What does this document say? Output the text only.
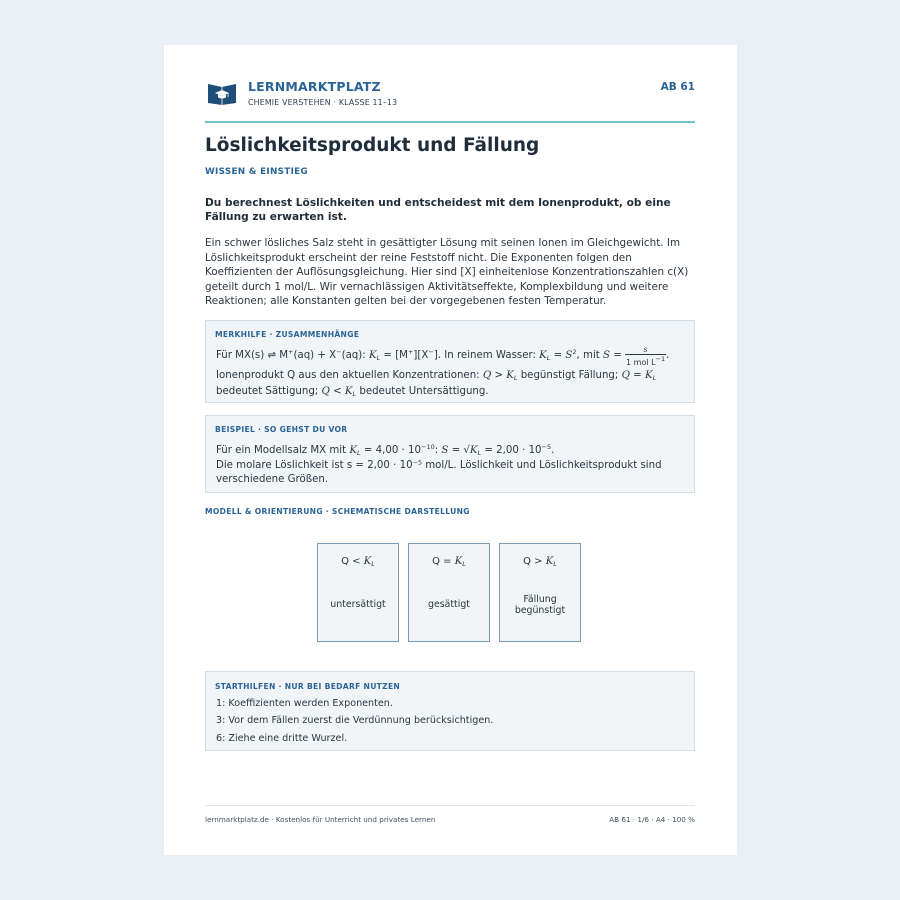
LERNMARKTPLATZ
CHEMIE VERSTEHEN · KLASSE 11–13
AB 61
Löslichkeitsprodukt und Fällung
WISSEN & EINSTIEG
Du berechnest Löslichkeiten und entscheidest mit dem Ionenprodukt, ob eine Fällung zu erwarten ist.
Ein schwer lösliches Salz steht in gesättigter Lösung mit seinen Ionen im Gleichgewicht. Im Löslichkeitsprodukt erscheint der reine Feststoff nicht. Die Exponenten folgen den Koeffizienten der Auflösungsgleichung. Hier sind [X] einheitenlose Konzentrationszahlen c(X) geteilt durch 1 mol/L. Wir vernachlässigen Aktivitätseffekte, Komplexbildung und weitere Reaktionen; alle Konstanten gelten bei der vorgegebenen festen Temperatur.
MERKHILFE · ZUSAMMENHÄNGE
Für MX(s) ⇌ M+(aq) + X−(aq): $K_L = [M^+][X^-]$. In reinem Wasser: $K_L = S^2$, mit $S = \frac{s}{1 mol L^{-1}}$ .
Ionenprodukt Q aus den aktuellen Konzentrationen: $Q > K_L$ begünstigt Fällung; $Q = K_L$ bedeutet Sättigung; $Q < K_L$ bedeutet Untersättigung.
BEISPIEL · SO GEHST DU VOR
Für ein Modellsalz MX mit $K_L = 4,00 \cdot 10^{-10}$: $S = √K_L = 2,00 \cdot 10^{-5}$.
Die molare Löslichkeit ist s = 2,00 · 10⁻⁵ mol/L. Löslichkeit und Löslichkeitsprodukt sind verschiedene Größen.
MODELL & ORIENTIERUNG · SCHEMATISCHE DARSTELLUNG
$Q < K_L$
untersättigt
$Q = K_L$
gesättigt
$Q > K_L$
Fällung
begünstigt
STARTHILFEN · NUR BEI BEDARF NUTZEN
1: Koeffizienten werden Exponenten.
3: Vor dem Fällen zuerst die Verdünnung berücksichtigen.
6: Ziehe eine dritte Wurzel.
lernmarktplatz.de · Kostenlos für Unterricht und privates Lernen	AB 61 · 1/6 · A4 · 100 %
